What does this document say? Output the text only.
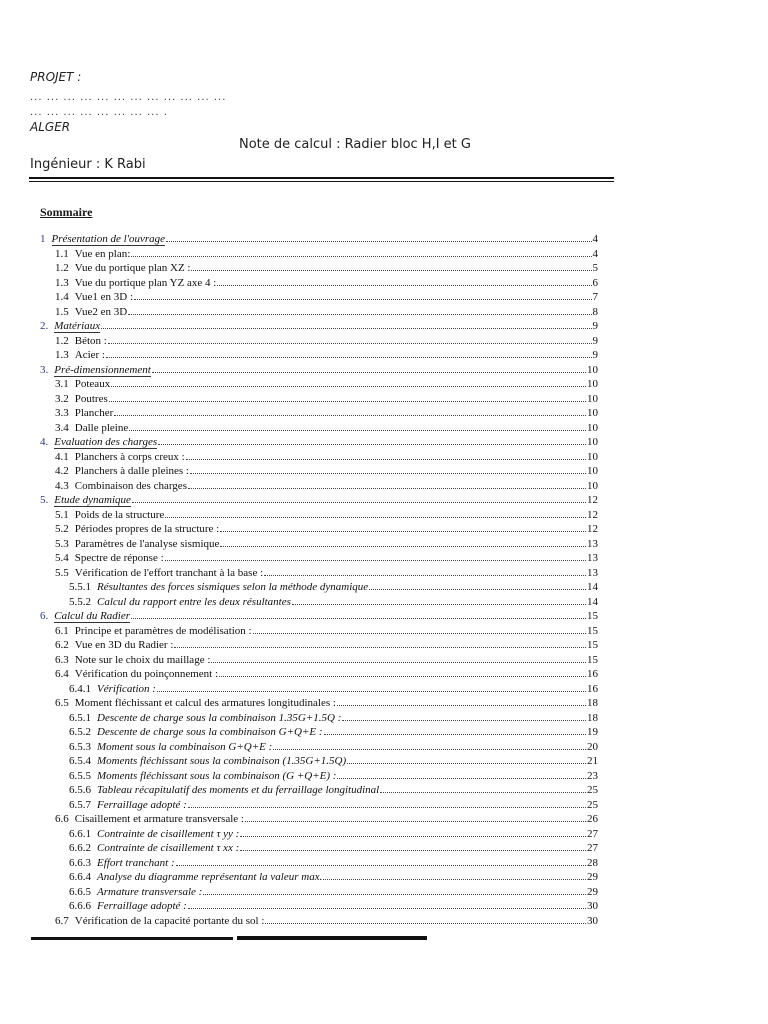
PROJET :
... ... ... ... ... ... ... ... ... ... ... ...
... ... ... ... ... ... ... ... .
ALGER
Note de calcul : Radier bloc H,I et G
Ingénieur : K Rabi
Sommaire
1 Présentation de l'ouvrage	4
1.1 Vue en plan:	4
1.2 Vue du portique plan XZ :	5
1.3 Vue du portique plan YZ axe 4 :	6
1.4 Vue1 en 3D :	7
1.5 Vue2 en 3D	8
2. Matériaux	9
1.2 Béton :	9
1.3 Acier :	9
3. Pré-dimensionnement	10
3.1 Poteaux	10
3.2 Poutres	10
3.3 Plancher	10
3.4 Dalle pleine	10
4. Evaluation des charges	10
4.1 Planchers à corps creux :	10
4.2 Planchers à dalle pleines :	10
4.3 Combinaison des charges	10
5. Etude dynamique	12
5.1 Poids de la structure	12
5.2 Périodes propres de la structure :	12
5.3 Paramètres de l'analyse sismique	13
5.4 Spectre de réponse :	13
5.5 Vérification de l'effort tranchant à la base :	13
5.5.1 Résultantes des forces sismiques selon la méthode dynamique	14
5.5.2 Calcul du rapport entre les deux résultantes	14
6. Calcul du Radier	15
6.1 Principe et paramètres de modélisation :	15
6.2 Vue en 3D du Radier :	15
6.3 Note sur le choix du maillage :	15
6.4 Vérification du poinçonnement :	16
6.4.1 Vérification :	16
6.5 Moment fléchissant et calcul des armatures longitudinales :	18
6.5.1 Descente de charge sous la combinaison 1.35G+1.5Q :	18
6.5.2 Descente de charge sous la combinaison G+Q+E :	19
6.5.3 Moment sous la combinaison G+Q+E :	20
6.5.4 Moments fléchissant sous la combinaison (1.35G+1.5Q)	21
6.5.5 Moments fléchissant sous la combinaison (G +Q+E) :	23
6.5.6 Tableau récapitulatif des moments et du ferraillage longitudinal	25
6.5.7 Ferraillage adopté :	25
6.6 Cisaillement et armature transversale :	26
6.6.1 Contrainte de cisaillement τ yy :	27
6.6.2 Contrainte de cisaillement τ xx :	27
6.6.3 Effort tranchant :	28
6.6.4 Analyse du diagramme représentant la valeur max.	29
6.6.5 Armature transversale :	29
6.6.6 Ferraillage adopté :	30
6.7 Vérification de la capacité portante du sol :	30
